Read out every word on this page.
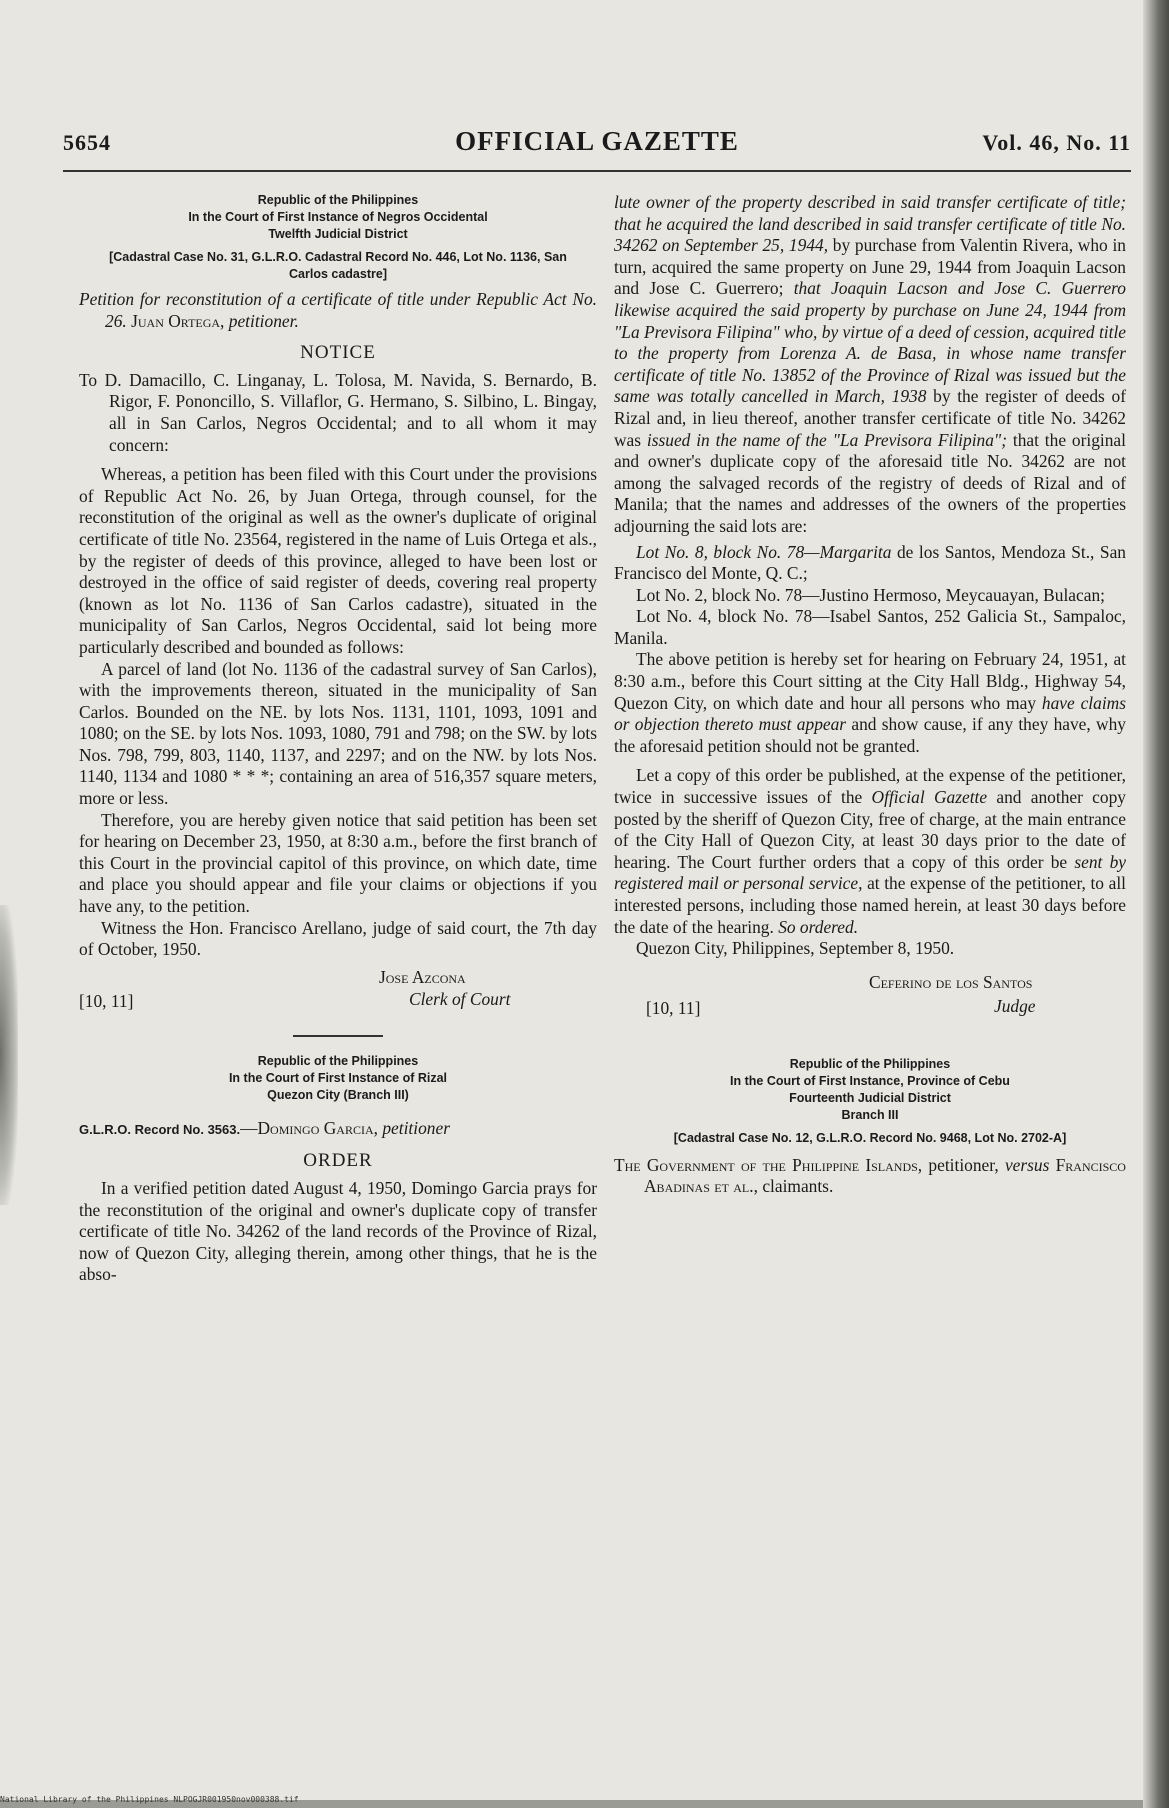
5654	OFFICIAL GAZETTE	Vol. 46, No. 11
Republic of the Philippines
In the Court of First Instance of Negros Occidental
Twelfth Judicial District
[Cadastral Case No. 31, G.L.R.O. Cadastral Record No. 446, Lot No. 1136, San Carlos cadastre]

Petition for reconstitution of a certificate of title under Republic Act No. 26. Juan Ortega, petitioner.

NOTICE

To D. Damacillo, C. Linganay, L. Tolosa, M. Navida, S. Bernardo, B. Rigor, F. Pononcillo, S. Villaflor, G. Hermano, S. Silbino, L. Bingay, all in San Carlos, Negros Occidental; and to all whom it may concern:

Whereas, a petition has been filed with this Court under the provisions of Republic Act No. 26, by Juan Ortega, through counsel, for the reconstitution of the original as well as the owner's duplicate of original certificate of title No. 23564, registered in the name of Luis Ortega et als., by the register of deeds of this province, alleged to have been lost or destroyed in the office of said register of deeds, covering real property (known as lot No. 1136 of San Carlos cadastre), situated in the municipality of San Carlos, Negros Occidental, said lot being more particularly described and bounded as follows:

A parcel of land (lot No. 1136 of the cadastral survey of San Carlos), with the improvements thereon, situated in the municipality of San Carlos. Bounded on the NE. by lots Nos. 1131, 1101, 1093, 1091 and 1080; on the SE. by lots Nos. 1093, 1080, 791 and 798; on the SW. by lots Nos. 798, 799, 803, 1140, 1137, and 2297; and on the NW. by lots Nos. 1140, 1134 and 1080 * * *; containing an area of 516,357 square meters, more or less.

Therefore, you are hereby given notice that said petition has been set for hearing on December 23, 1950, at 8:30 a.m., before the first branch of this Court in the provincial capitol of this province, on which date, time and place you should appear and file your claims or objections if you have any, to the petition.

Witness the Hon. Francisco Arellano, judge of said court, the 7th day of October, 1950.

Jose Azcona
[10, 11]	Clerk of Court
Republic of the Philippines
In the Court of First Instance of Rizal
Quezon City (Branch III)

G.L.R.O. Record No. 3563.—Domingo Garcia, petitioner

ORDER

In a verified petition dated August 4, 1950, Domingo Garcia prays for the reconstitution of the original and owner's duplicate copy of transfer certificate of title No. 34262 of the land records of the Province of Rizal, now of Quezon City, alleging therein, among other things, that he is the abso-

lute owner of the property described in said transfer certificate of title; that he acquired the land described in said transfer certificate of title No. 34262 on September 25, 1944, by purchase from Valentin Rivera, who in turn, acquired the same property on June 29, 1944 from Joaquin Lacson and Jose C. Guerrero; that Joaquin Lacson and Jose C. Guerrero likewise acquired the said property by purchase on June 24, 1944 from "La Previsora Filipina" who, by virtue of a deed of cession, acquired title to the property from Lorenza A. de Basa, in whose name transfer certificate of title No. 13852 of the Province of Rizal was issued but the same was totally cancelled in March, 1938 by the register of deeds of Rizal and, in lieu thereof, another transfer certificate of title No. 34262 was issued in the name of the "La Previsora Filipina"; that the original and owner's duplicate copy of the aforesaid title No. 34262 are not among the salvaged records of the registry of deeds of Rizal and of Manila; that the names and addresses of the owners of the properties adjourning the said lots are:

Lot No. 8, block No. 78—Margarita de los Santos, Mendoza St., San Francisco del Monte, Q. C.;

Lot No. 2, block No. 78—Justino Hermoso, Meycauayan, Bulacan;

Lot No. 4, block No. 78—Isabel Santos, 252 Galicia St., Sampaloc, Manila.

The above petition is hereby set for hearing on February 24, 1951, at 8:30 a.m., before this Court sitting at the City Hall Bldg., Highway 54, Quezon City, on which date and hour all persons who may have claims or objection thereto must appear and show cause, if any they have, why the aforesaid petition should not be granted.

Let a copy of this order be published, at the expense of the petitioner, twice in successive issues of the Official Gazette and another copy posted by the sheriff of Quezon City, free of charge, at the main entrance of the City Hall of Quezon City, at least 30 days prior to the date of hearing. The Court further orders that a copy of this order be sent by registered mail or personal service, at the expense of the petitioner, to all interested persons, including those named herein, at least 30 days before the date of the hearing. So ordered.

Quezon City, Philippines, September 8, 1950.

Ceferino de los Santos
[10, 11]	Judge
Republic of the Philippines
In the Court of First Instance, Province of Cebu
Fourteenth Judicial District
Branch III
[Cadastral Case No. 12, G.L.R.O. Record No. 9468, Lot No. 2702-A]

The Government of the Philippine Islands, petitioner, versus Francisco Abadinas et al., claimants.

National Library of the Philippines NLPOGJR001950nov000388.tif
